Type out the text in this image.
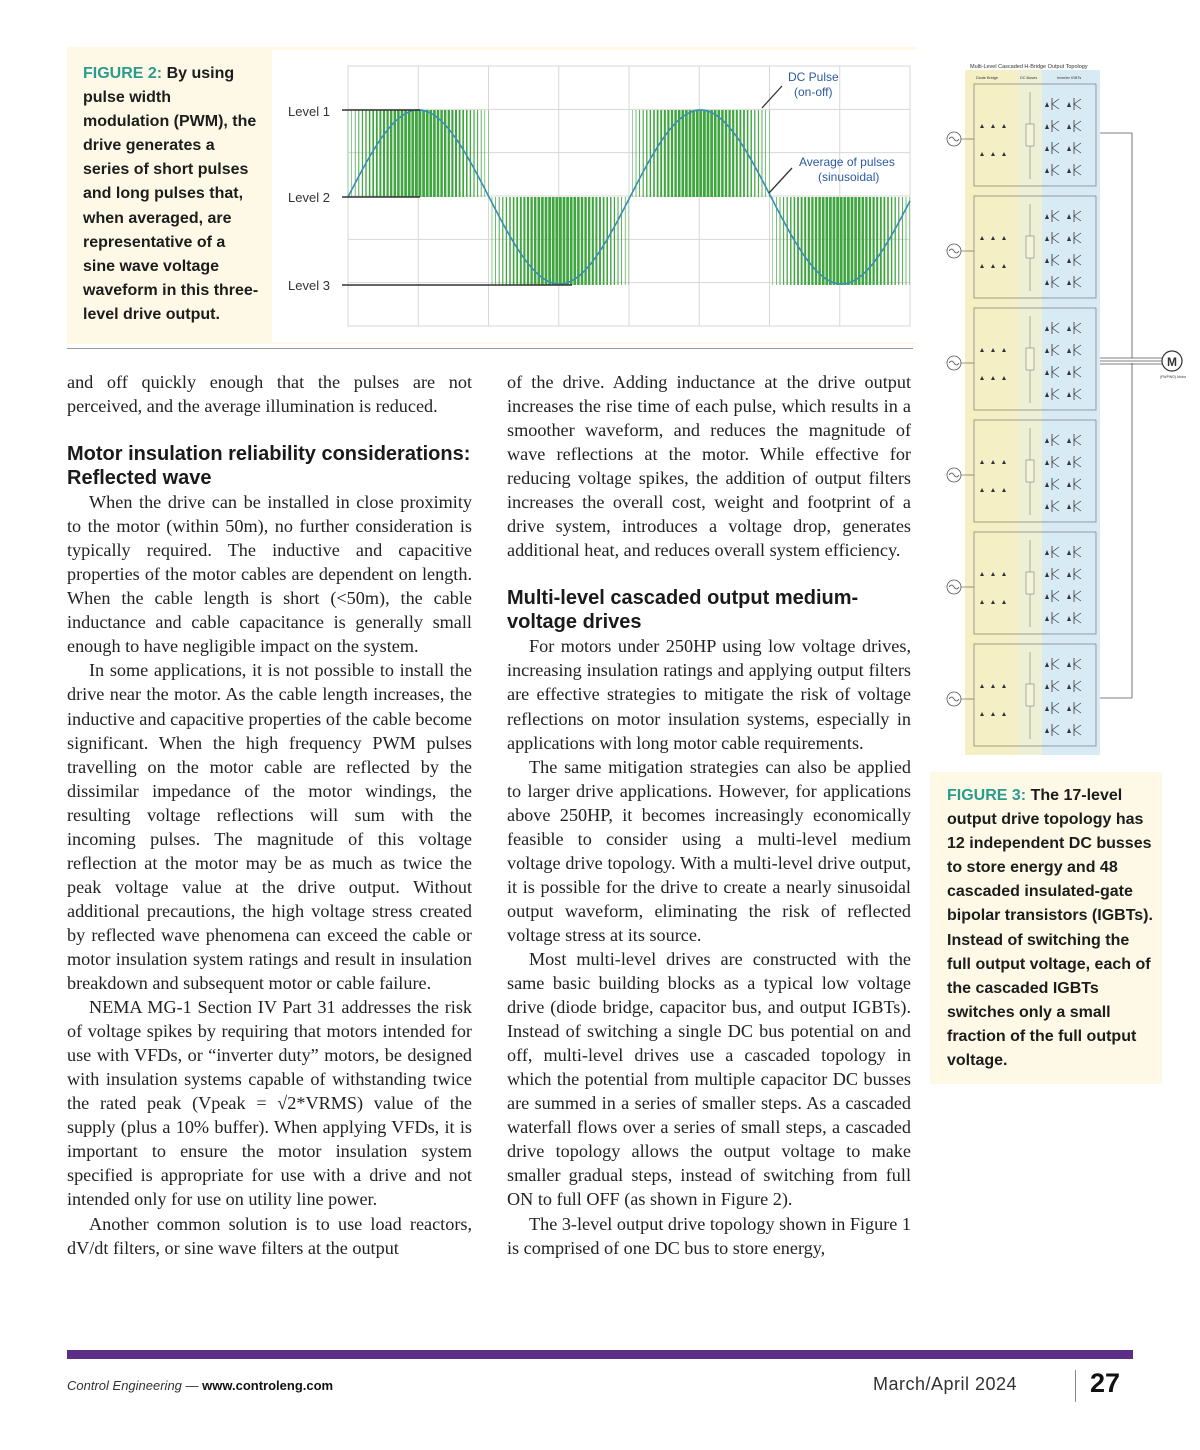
FIGURE 2: By using pulse width modulation (PWM), the drive generates a series of short pulses and long pulses that, when averaged, are representative of a sine wave voltage waveform in this three-level drive output.
Level 1
Level 2
Level 3
DC Pulse
(on-off)
Average of pulses
(sinusoidal)

and off quickly enough that the pulses are not perceived, and the average illumination is reduced.

Motor insulation reliability considerations: Reflected wave

When the drive can be installed in close proximity to the motor (within 50m), no further consideration is typically required. The inductive and capacitive properties of the motor cables are dependent on length. When the cable length is short (<50m), the cable inductance and cable capacitance is generally small enough to have negligible impact on the system.

In some applications, it is not possible to install the drive near the motor. As the cable length increases, the inductive and capacitive properties of the cable become significant. When the high frequency PWM pulses travelling on the motor cable are reflected by the dissimilar impedance of the motor windings, the resulting voltage reflections will sum with the incoming pulses. The magnitude of this voltage reflection at the motor may be as much as twice the peak voltage value at the drive output. Without additional precautions, the high voltage stress created by reflected wave phenomena can exceed the cable or motor insulation system ratings and result in insulation breakdown and subsequent motor or cable failure.

NEMA MG-1 Section IV Part 31 addresses the risk of voltage spikes by requiring that motors intended for use with VFDs, or “inverter duty” motors, be designed with insulation systems capable of withstanding twice the rated peak (Vpeak = √2*VRMS) value of the supply (plus a 10% buffer). When applying VFDs, it is important to ensure the motor insulation system specified is appropriate for use with a drive and not intended only for use on utility line power.

Another common solution is to use load reactors, dV/dt filters, or sine wave filters at the output

of the drive. Adding inductance at the drive output increases the rise time of each pulse, which results in a smoother waveform, and reduces the magnitude of wave reflections at the motor. While effective for reducing voltage spikes, the addition of output filters increases the overall cost, weight and footprint of a drive system, introduces a voltage drop, generates additional heat, and reduces overall system efficiency.

Multi-level cascaded output medium-voltage drives

For motors under 250HP using low voltage drives, increasing insulation ratings and applying output filters are effective strategies to mitigate the risk of voltage reflections on motor insulation systems, especially in applications with long motor cable requirements.

The same mitigation strategies can also be applied to larger drive applications. However, for applications above 250HP, it becomes increasingly economically feasible to consider using a multi-level medium voltage drive topology. With a multi-level drive output, it is possible for the drive to create a nearly sinusoidal output waveform, eliminating the risk of reflected voltage stress at its source.

Most multi-level drives are constructed with the same basic building blocks as a typical low voltage drive (diode bridge, capacitor bus, and output IGBTs). Instead of switching a single DC bus potential on and off, multi-level drives use a cascaded topology in which the potential from multiple capacitor DC busses are summed in a series of smaller steps. As a cascaded waterfall flows over a series of small steps, a cascaded drive topology allows the output voltage to make smaller gradual steps, instead of switching from full ON to full OFF (as shown in Figure 2).

The 3-level output drive topology shown in Figure 1 is comprised of one DC bus to store energy,

Multi-Level Cascaded H-Bridge Output Topology
Diode Bridge	DC Buses	Inverter IGBTs
M
(FWPWG) Motor
FIGURE 3: The 17-level output drive topology has 12 independent DC busses to store energy and 48 cascaded insulated-gate bipolar transistors (IGBTs). Instead of switching the full output voltage, each of the cascaded IGBTs switches only a small fraction of the full output voltage.
Control Engineering — www.controleng.com	March/April 2024	27
